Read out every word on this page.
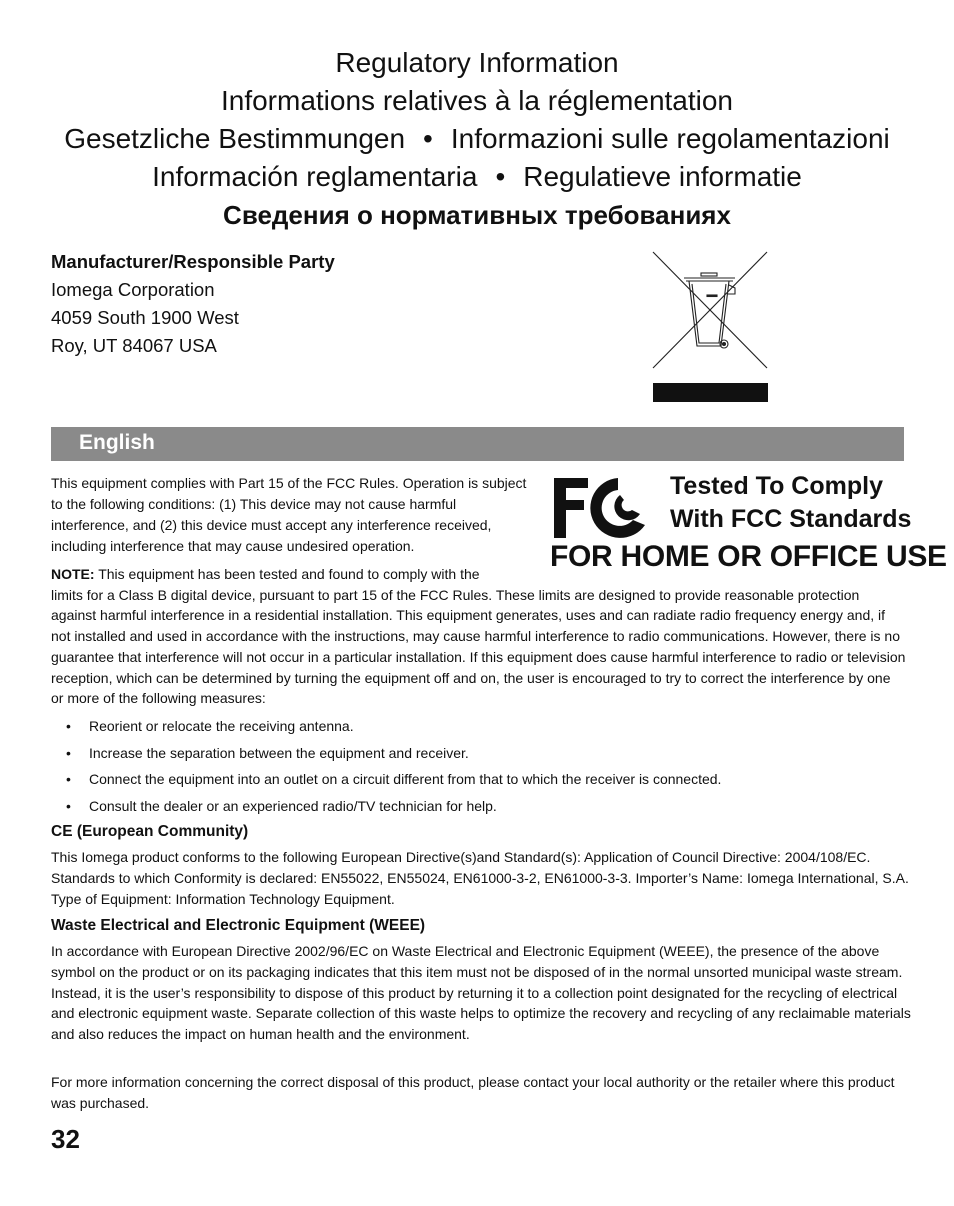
Regulatory Information
Informations relatives à la réglementation
Gesetzliche Bestimmungen • Informazioni sulle regolamentazioni
Información reglamentaria • Regulatieve informatie
Сведения о нормативных требованиях
Manufacturer/Responsible Party
Iomega Corporation
4059 South 1900 West
Roy, UT 84067 USA
English
This equipment complies with Part 15 of the FCC Rules. Operation is subject to the following conditions: (1) This device may not cause harmful interference, and (2) this device must accept any interference received, including interference that may cause undesired operation.
Tested To Comply
With FCC Standards
FOR HOME OR OFFICE USE
NOTE: This equipment has been tested and found to comply with the
limits for a Class B digital device, pursuant to part 15 of the FCC Rules. These limits are designed to provide reasonable protection against harmful interference in a residential installation. This equipment generates, uses and can radiate radio frequency energy and, if not installed and used in accordance with the instructions, may cause harmful interference to radio communications. However, there is no guarantee that interference will not occur in a particular installation. If this equipment does cause harmful interference to radio or television reception, which can be determined by turning the equipment off and on, the user is encouraged to try to correct the interference by one or more of the following measures:
• Reorient or relocate the receiving antenna.
• Increase the separation between the equipment and receiver.
• Connect the equipment into an outlet on a circuit different from that to which the receiver is connected.
• Consult the dealer or an experienced radio/TV technician for help.
CE (European Community)
This Iomega product conforms to the following European Directive(s)and Standard(s): Application of Council Directive: 2004/108/EC. Standards to which Conformity is declared: EN55022, EN55024, EN61000-3-2, EN61000-3-3. Importer’s Name: Iomega International, S.A. Type of Equipment: Information Technology Equipment.
Waste Electrical and Electronic Equipment (WEEE)
In accordance with European Directive 2002/96/EC on Waste Electrical and Electronic Equipment (WEEE), the presence of the above symbol on the product or on its packaging indicates that this item must not be disposed of in the normal unsorted municipal waste stream. Instead, it is the user’s responsibility to dispose of this product by returning it to a collection point designated for the recycling of electrical and electronic equipment waste. Separate collection of this waste helps to optimize the recovery and recycling of any reclaimable materials and also reduces the impact on human health and the environment.
For more information concerning the correct disposal of this product, please contact your local authority or the retailer where this product was purchased.
32
